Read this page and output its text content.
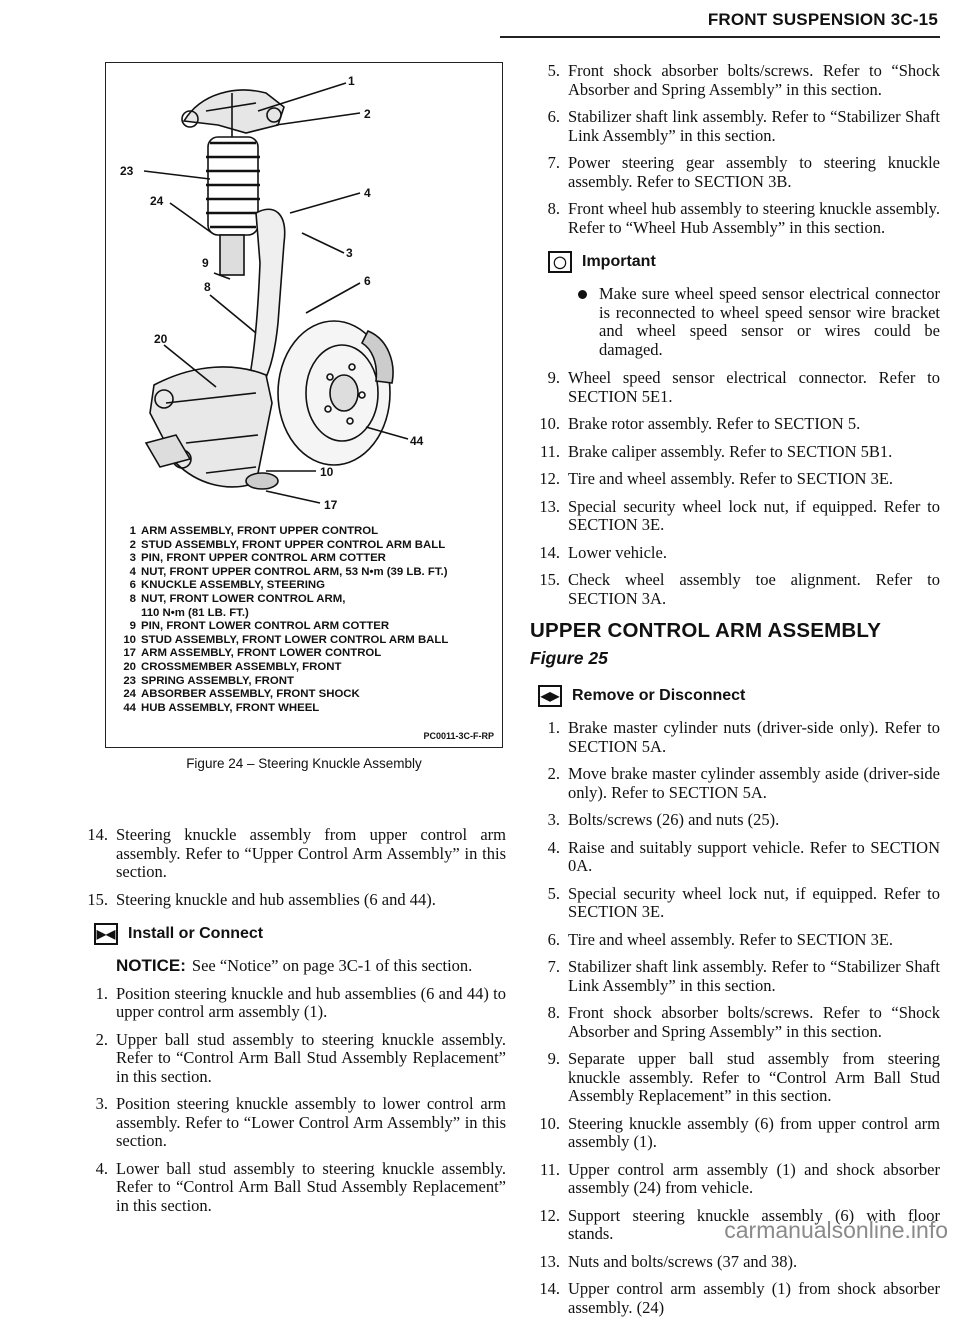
FRONT SUSPENSION 3C-15
1
2
23
24
4
9
3
8	6
20
44
10
17
1 ARM ASSEMBLY, FRONT UPPER CONTROL
2 STUD ASSEMBLY, FRONT UPPER CONTROL ARM BALL
3 PIN, FRONT UPPER CONTROL ARM COTTER
4 NUT, FRONT UPPER CONTROL ARM, 53 N•m (39 LB. FT.)
6 KNUCKLE ASSEMBLY, STEERING
8 NUT, FRONT LOWER CONTROL ARM,
110 N•m (81 LB. FT.)
9 PIN, FRONT LOWER CONTROL ARM COTTER
10 STUD ASSEMBLY, FRONT LOWER CONTROL ARM BALL
17 ARM ASSEMBLY, FRONT LOWER CONTROL
20 CROSSMEMBER ASSEMBLY, FRONT
23 SPRING ASSEMBLY, FRONT
24 ABSORBER ASSEMBLY, FRONT SHOCK
44 HUB ASSEMBLY, FRONT WHEEL
PC0011-3C-F-RP
Figure 24 – Steering Knuckle Assembly
14. Steering knuckle assembly from upper control arm assembly. Refer to “Upper Control Arm Assembly” in this section.
15. Steering knuckle and hub assemblies (6 and 44).
▶◀ Install or Connect
NOTICE: See “Notice” on page 3C-1 of this section.
1. Position steering knuckle and hub assemblies (6 and 44) to upper control arm assembly (1).
2. Upper ball stud assembly to steering knuckle assembly. Refer to “Control Arm Ball Stud Assembly Replacement” in this section.
3. Position steering knuckle assembly to lower control arm assembly. Refer to “Lower Control Arm Assembly” in this section.
4. Lower ball stud assembly to steering knuckle assembly. Refer to “Control Arm Ball Stud Assembly Replacement” in this section.
5. Front shock absorber bolts/screws. Refer to “Shock Absorber and Spring Assembly” in this section.
6. Stabilizer shaft link assembly. Refer to “Stabilizer Shaft Link Assembly” in this section.
7. Power steering gear assembly to steering knuckle assembly. Refer to SECTION 3B.
8. Front wheel hub assembly to steering knuckle assembly. Refer to “Wheel Hub Assembly” in this section.
◯ Important
Make sure wheel speed sensor electrical connector is reconnected to wheel speed sensor wire bracket and wheel speed sensor or wires could be damaged.
9. Wheel speed sensor electrical connector. Refer to SECTION 5E1.
10. Brake rotor assembly. Refer to SECTION 5.
11. Brake caliper assembly. Refer to SECTION 5B1.
12. Tire and wheel assembly. Refer to SECTION 3E.
13. Special security wheel lock nut, if equipped. Refer to SECTION 3E.
14. Lower vehicle.
15. Check wheel assembly toe alignment. Refer to SECTION 3A.
UPPER CONTROL ARM ASSEMBLY
Figure 25
◀▶ Remove or Disconnect
1. Brake master cylinder nuts (driver-side only). Refer to SECTION 5A.
2. Move brake master cylinder assembly aside (driver-side only). Refer to SECTION 5A.
3. Bolts/screws (26) and nuts (25).
4. Raise and suitably support vehicle. Refer to SECTION 0A.
5. Special security wheel lock nut, if equipped. Refer to SECTION 3E.
6. Tire and wheel assembly. Refer to SECTION 3E.
7. Stabilizer shaft link assembly. Refer to “Stabilizer Shaft Link Assembly” in this section.
8. Front shock absorber bolts/screws. Refer to “Shock Absorber and Spring Assembly” in this section.
9. Separate upper ball stud assembly from steering knuckle assembly. Refer to “Control Arm Ball Stud Assembly Replacement” in this section.
10. Steering knuckle assembly (6) from upper control arm assembly (1).
11. Upper control arm assembly (1) and shock absorber assembly (24) from vehicle.
12. Support steering knuckle assembly (6) with floor stands.
13. Nuts and bolts/screws (37 and 38).
14. Upper control arm assembly (1) from shock absorber assembly. (24)
carmanualsonline.info
